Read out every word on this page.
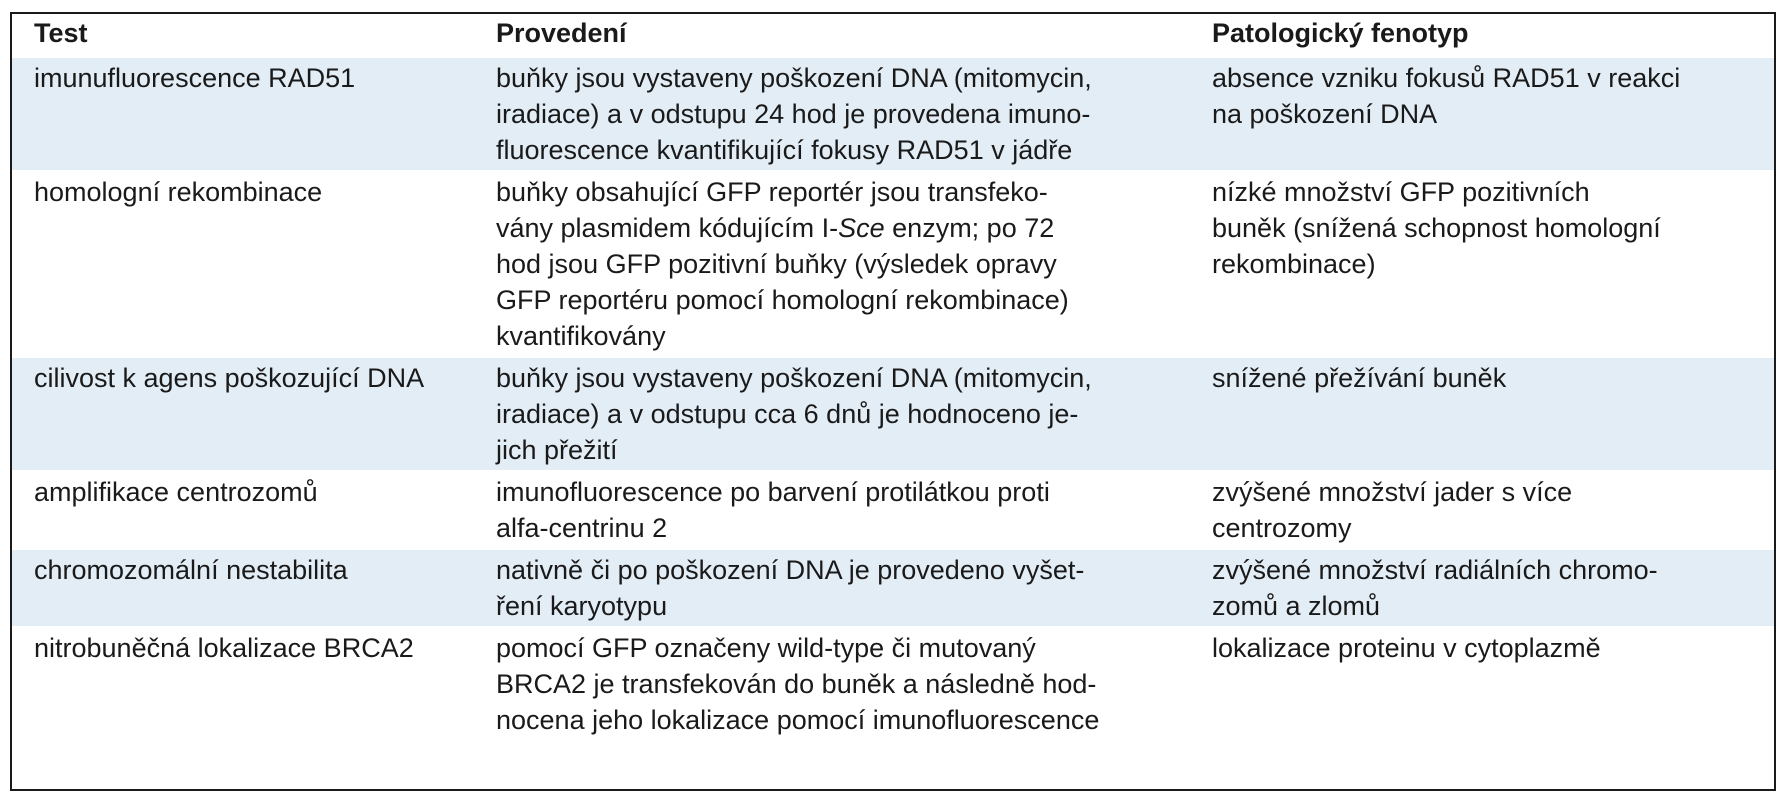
Test	Provedení	Patologický fenotyp

imunufluorescence RAD51	buňky jsou vystaveny poškození DNA (mitomycin,
iradiace) a v odstupu 24 hod je provedena imuno-
fluorescence kvantifikující fokusy RAD51 v jádře	absence vzniku fokusů RAD51 v reakci
na poškození DNA

homologní rekombinace	buňky obsahující GFP reportér jsou transfeko-
vány plasmidem kódujícím I-Sce enzym; po 72
hod jsou GFP pozitivní buňky (výsledek opravy
GFP reportéru pomocí homologní rekombinace)
kvantifikovány	nízké množství GFP pozitivních
buněk (snížená schopnost homologní
rekombinace)

cilivost k agens poškozující DNA	buňky jsou vystaveny poškození DNA (mitomycin,
iradiace) a v odstupu cca 6 dnů je hodnoceno je-
jich přežití	snížené přežívání buněk

amplifikace centrozomů	imunofluorescence po barvení protilátkou proti
alfa-centrinu 2	zvýšené množství jader s více
centrozomy

chromozomální nestabilita	nativně či po poškození DNA je provedeno vyšet-
ření karyotypu	zvýšené množství radiálních chromo-
zomů a zlomů

nitrobuněčná lokalizace BRCA2	pomocí GFP označeny wild-type či mutovaný
BRCA2 je transfekován do buněk a následně hod-
nocena jeho lokalizace pomocí imunofluorescence	lokalizace proteinu v cytoplazmě
